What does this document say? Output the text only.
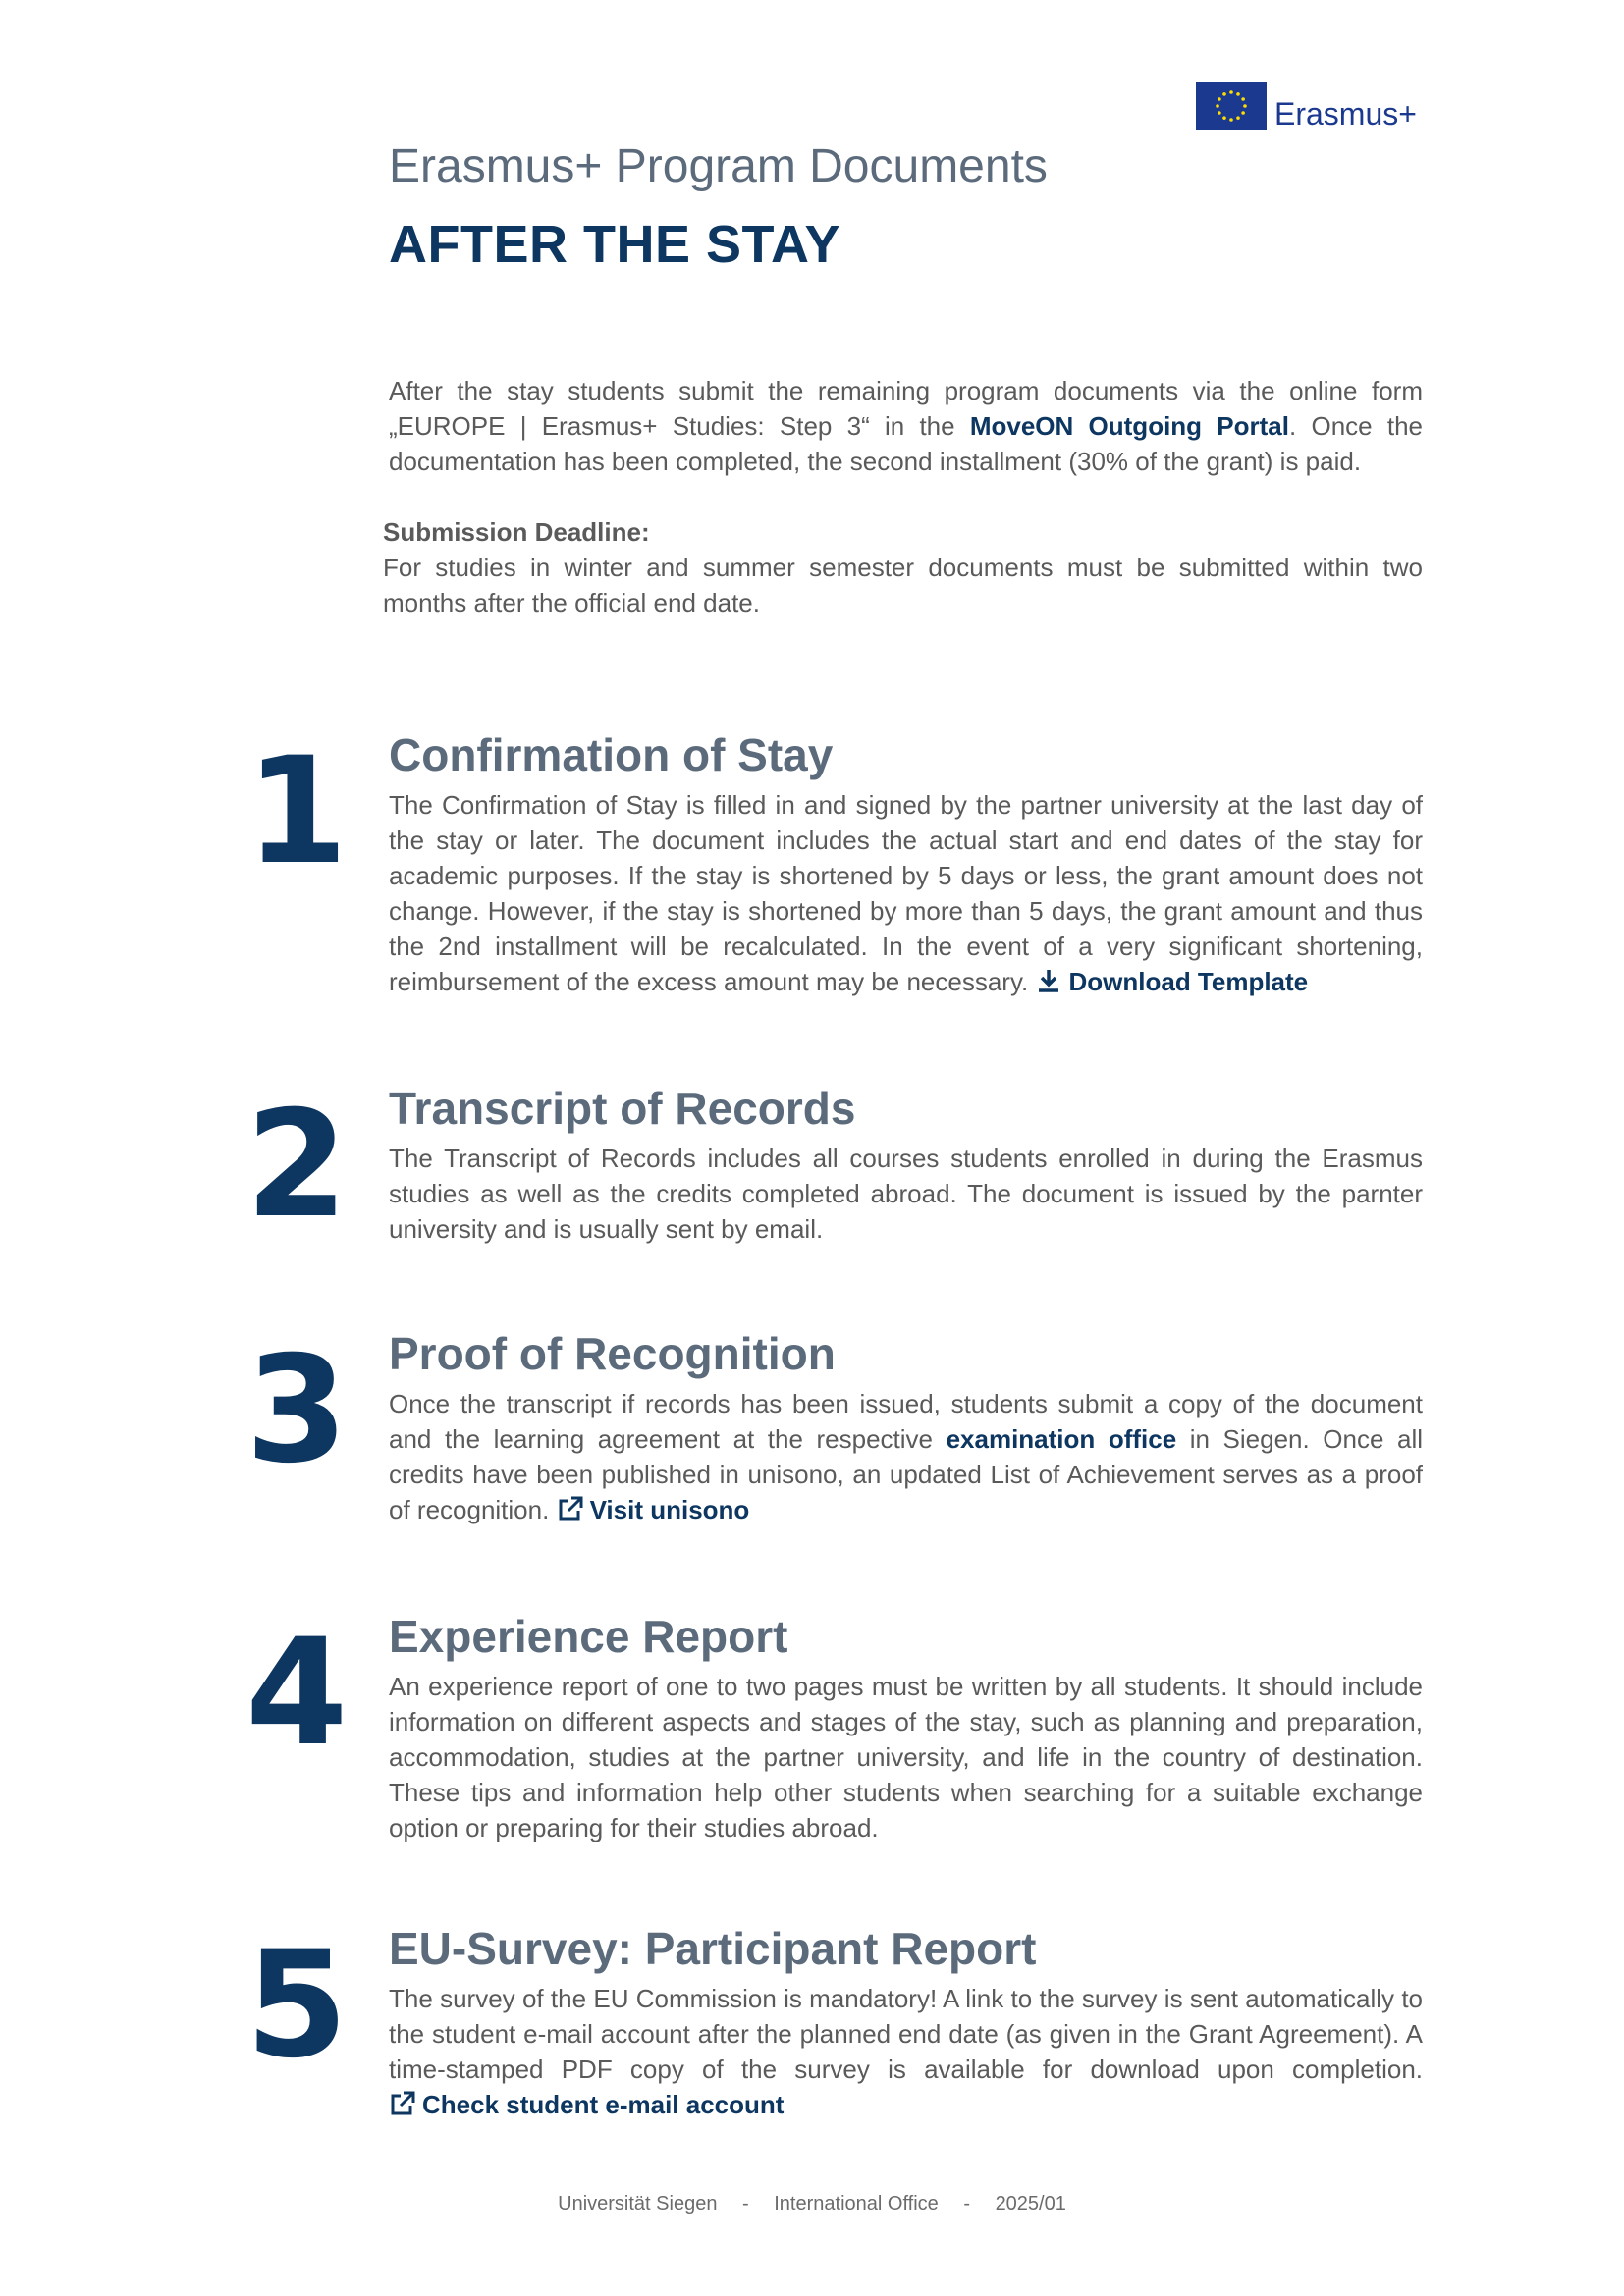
Erasmus+
Erasmus+ Program Documents
AFTER THE STAY
After the stay students submit the remaining program documents via the online form „EUROPE | Erasmus+ Studies: Step 3“ in the MoveON Outgoing Portal. Once the documentation has been completed, the second installment (30% of the grant) is paid.
Submission Deadline:
For studies in winter and summer semester documents must be submitted within two months after the official end date.
1 Confirmation of Stay
The Confirmation of Stay is filled in and signed by the partner university at the last day of the stay or later. The document includes the actual start and end dates of the stay for academic purposes. If the stay is shortened by 5 days or less, the grant amount does not change. However, if the stay is shortened by more than 5 days, the grant amount and thus the 2nd installment will be recalculated. In the event of a very significant shortening, reimbursement of the excess amount may be necessary. Download Template
2 Transcript of Records
The Transcript of Records includes all courses students enrolled in during the Erasmus studies as well as the credits completed abroad. The document is issued by the parnter university and is usually sent by email.
3 Proof of Recognition
Once the transcript if records has been issued, students submit a copy of the document and the learning agreement at the respective examination office in Siegen. Once all credits have been published in unisono, an updated List of Achievement serves as a proof of recognition. Visit unisono
4 Experience Report
An experience report of one to two pages must be written by all students. It should include information on different aspects and stages of the stay, such as planning and preparation, accommodation, studies at the partner university, and life in the country of destination. These tips and information help other students when searching for a suitable exchange option or preparing for their studies abroad.
5 EU-Survey: Participant Report
The survey of the EU Commission is mandatory! A link to the survey is sent automatically to the student e-mail account after the planned end date (as given in the Grant Agreement). A time-stamped PDF copy of the survey is available for download upon completion. Check student e-mail account
Universität Siegen - International Office - 2025/01
